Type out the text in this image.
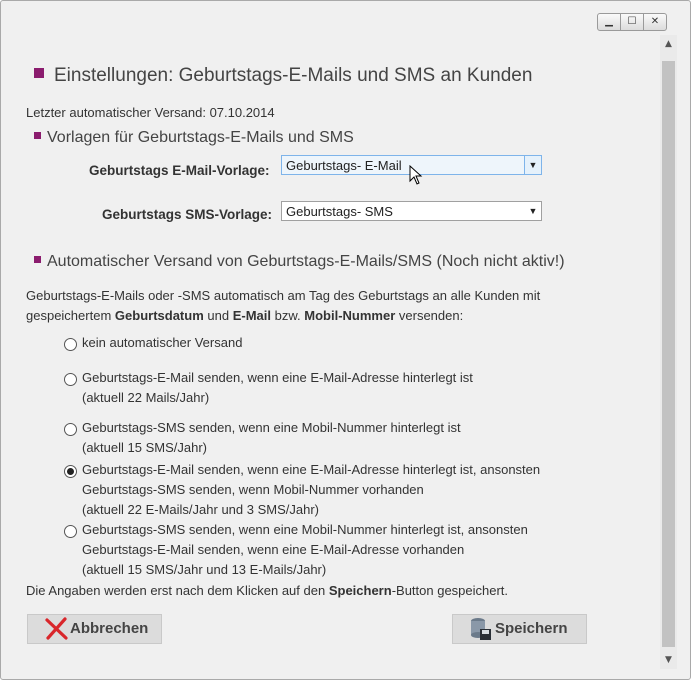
▁	☐	✕
Einstellungen: Geburtstags-E-Mails und SMS an Kunden
Letzter automatischer Versand: 07.10.2014
Vorlagen für Geburtstags-E-Mails und SMS
Geburtstags E-Mail-Vorlage:	Geburtstags- E-Mail	▼
Geburtstags SMS-Vorlage:	Geburtstags- SMS	▼
Automatischer Versand von Geburtstags-E-Mails/SMS (Noch nicht aktiv!)
Geburtstags-E-Mails oder -SMS automatisch am Tag des Geburtstags an alle Kunden mit
gespeichertem Geburtsdatum und E-Mail bzw. Mobil-Nummer versenden:
kein automatischer Versand
Geburtstags-E-Mail senden, wenn eine E-Mail-Adresse hinterlegt ist
(aktuell 22 Mails/Jahr)
Geburtstags-SMS senden, wenn eine Mobil-Nummer hinterlegt ist
(aktuell 15 SMS/Jahr)
Geburtstags-E-Mail senden, wenn eine E-Mail-Adresse hinterlegt ist, ansonsten
Geburtstags-SMS senden, wenn Mobil-Nummer vorhanden
(aktuell 22 E-Mails/Jahr und 3 SMS/Jahr)
Geburtstags-SMS senden, wenn eine Mobil-Nummer hinterlegt ist, ansonsten
Geburtstags-E-Mail senden, wenn eine E-Mail-Adresse vorhanden
(aktuell 15 SMS/Jahr und 13 E-Mails/Jahr)
Die Angaben werden erst nach dem Klicken auf den Speichern-Button gespeichert.
Abbrechen	Speichern
▲
▼
